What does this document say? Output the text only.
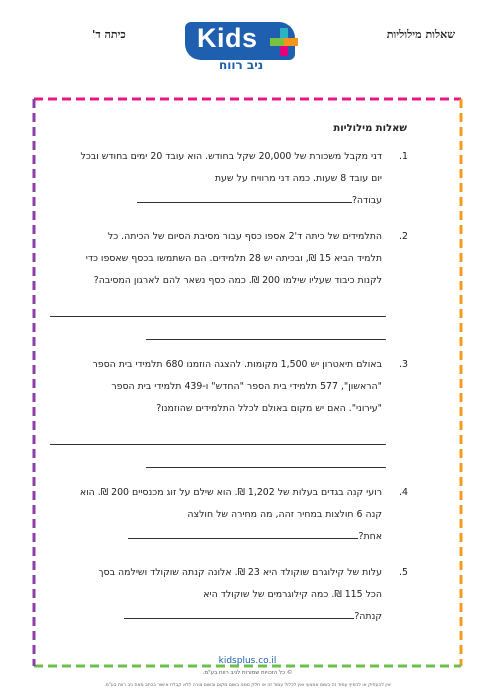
שאלות מילוליות
כיתה ד'	Kids
ניב רווח
שאלות מילוליות
1.
דני מקבל משכורת של 20,000 שקל בחודש. הוא עובד 20 ימים בחודש ובכל
יום עובד 8 שעות. כמה דני מרוויח על שעת
עבודה?
2.
התלמידים של כיתה ד'2 אספו כסף עבור מסיבת הסיום של הכיתה. כל
תלמיד הביא 15 ₪, ובכיתה יש 28 תלמידים. הם השתמשו בכסף שאספו כדי
לקנות כיבוד שעליו שילמו 200 ₪. כמה כסף נשאר להם לארגון המסיבה?
3.
באולם תיאטרון יש 1,500 מקומות. להצגה הוזמנו 680 תלמידי בית הספר
"הראשון", 577 תלמידי בית הספר "החדש" ו-439 תלמידי בית הספר
"עירוני". האם יש מקום באולם לכלל התלמידים שהוזמנו?
4.
רועי קנה בגדים בעלות של 1,202 ₪. הוא שילם על זוג מכנסיים 200 ₪. הוא
קנה 6 חולצות במחיר זהה, מה מחירה של חולצה
אחת?
5.
עלות של קילוגרם שוקולד היא 23 ₪. אלונה קנתה שוקולד ושילמה בסך
הכל 115 ₪. כמה קילוגרמים של שוקולד היא
קנתה?
kidsplus.co.il
© כל הזכויות שמורות לניב רווח בע"מ.
אין להעתיק או להפיץ עמוד זה בשום אמצעי ואין לכלול עמוד זה או חלק ממנו בשום מקום ובשום צורה ללא קבלת אישור בכתב מאת ניב רווח בע"מ.
